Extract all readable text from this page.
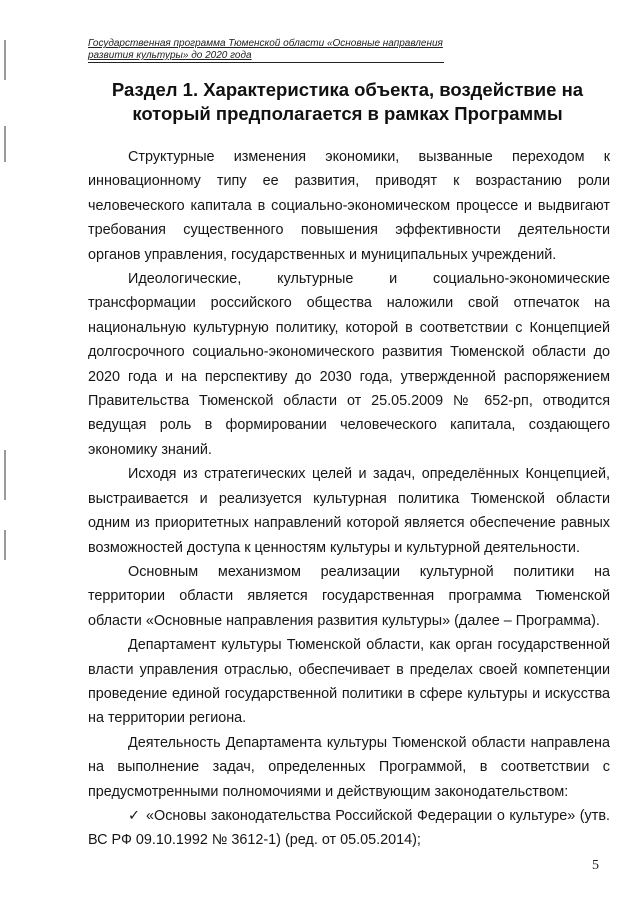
Государственная программа Тюменской области «Основные направления
развития культуры» до 2020 года
Раздел 1. Характеристика объекта, воздействие на который предполагается в рамках Программы

Структурные изменения экономики, вызванные переходом к инновационному типу ее развития, приводят к возрастанию роли человеческого капитала в социально-экономическом процессе и выдвигают требования существенного повышения эффективности деятельности органов управления, государственных и муниципальных учреждений.

Идеологические, культурные и социально-экономические трансформации российского общества наложили свой отпечаток на национальную культурную политику, которой в соответствии с Концепцией долгосрочного социально-экономического развития Тюменской области до 2020 года и на перспективу до 2030 года, утвержденной распоряжением Правительства Тюменской области от 25.05.2009 № 652-рп, отводится ведущая роль в формировании человеческого капитала, создающего экономику знаний.

Исходя из стратегических целей и задач, определённых Концепцией, выстраивается и реализуется культурная политика Тюменской области одним из приоритетных направлений которой является обеспечение равных возможностей доступа к ценностям культуры и культурной деятельности.

Основным механизмом реализации культурной политики на территории области является государственная программа Тюменской области «Основные направления развития культуры» (далее – Программа).

Департамент культуры Тюменской области, как орган государственной власти управления отраслью, обеспечивает в пределах своей компетенции проведение единой государственной политики в сфере культуры и искусства на территории региона.

Деятельность Департамента культуры Тюменской области направлена на выполнение задач, определенных Программой, в соответствии с предусмотренными полномочиями и действующим законодательством:

✓ «Основы законодательства Российской Федерации о культуре» (утв. ВС РФ 09.10.1992 № 3612-1) (ред. от 05.05.2014);

5
